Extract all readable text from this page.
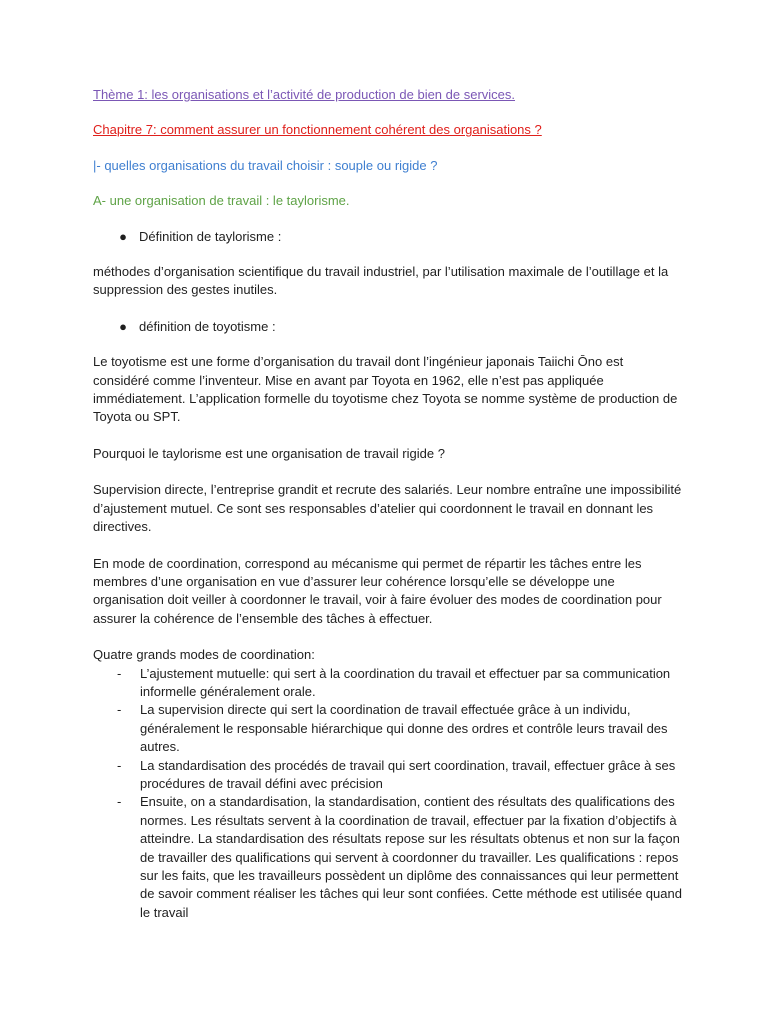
Thème 1: les organisations et l’activité de production de bien de services.

Chapitre 7: comment assurer un fonctionnement cohérent des organisations ?

|- quelles organisations du travail choisir : souple ou rigide ?

A- une organisation de travail : le taylorisme.

● Définition de taylorisme :

méthodes d’organisation scientifique du travail industriel, par l’utilisation maximale de l’outillage et la suppression des gestes inutiles.

● définition de toyotisme :

Le toyotisme est une forme d’organisation du travail dont l’ingénieur japonais Taiichi Ōno est considéré comme l’inventeur. Mise en avant par Toyota en 1962, elle n’est pas appliquée immédiatement. L’application formelle du toyotisme chez Toyota se nomme système de production de Toyota ou SPT.

Pourquoi le taylorisme est une organisation de travail rigide ?

Supervision directe, l’entreprise grandit et recrute des salariés. Leur nombre entraîne une impossibilité d’ajustement mutuel. Ce sont ses responsables d’atelier qui coordonnent le travail en donnant les directives.

En mode de coordination, correspond au mécanisme qui permet de répartir les tâches entre les membres d’une organisation en vue d’assurer leur cohérence lorsqu’elle se développe une organisation doit veiller à coordonner le travail, voir à faire évoluer des modes de coordination pour assurer la cohérence de l’ensemble des tâches à effectuer.

Quatre grands modes de coordination:

- L’ajustement mutuelle: qui sert à la coordination du travail et effectuer par sa communication informelle généralement orale.
- La supervision directe qui sert la coordination de travail effectuée grâce à un individu, généralement le responsable hiérarchique qui donne des ordres et contrôle leurs travail des autres.
- La standardisation des procédés de travail qui sert coordination, travail, effectuer grâce à ses procédures de travail défini avec précision
- Ensuite, on a standardisation, la standardisation, contient des résultats des qualifications des normes. Les résultats servent à la coordination de travail, effectuer par la fixation d’objectifs à atteindre. La standardisation des résultats repose sur les résultats obtenus et non sur la façon de travailler des qualifications qui servent à coordonner du travailler. Les qualifications : repos sur les faits, que les travailleurs possèdent un diplôme des connaissances qui leur permettent de savoir comment réaliser les tâches qui leur sont confiées. Cette méthode est utilisée quand le travail
